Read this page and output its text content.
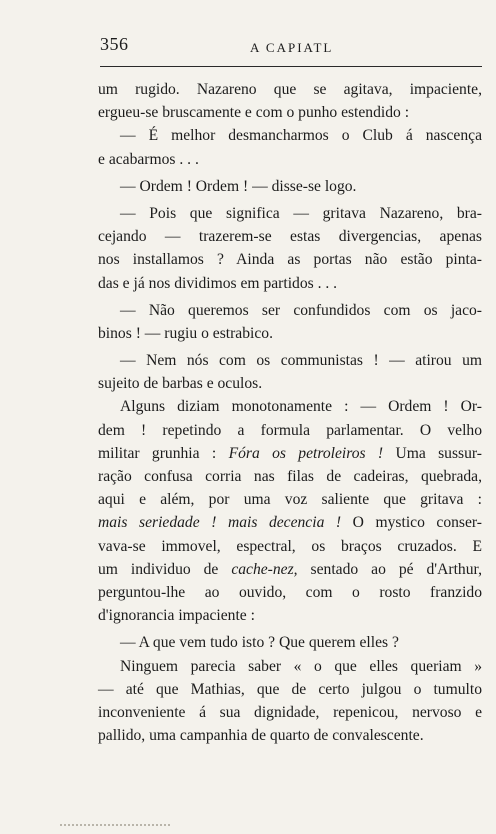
356	A CAPIATL
um rugido. Nazareno que se agitava, impaciente,
ergueu-se bruscamente e com o punho estendido :
— É melhor desmancharmos o Club á nascença
e acabarmos . . .
— Ordem ! Ordem ! — disse-se logo.
— Pois que significa — gritava Nazareno, bra-
cejando — trazerem-se estas divergencias, apenas
nos installamos ? Ainda as portas não estão pinta-
das e já nos dividimos em partidos . . .
— Não queremos ser confundidos com os jaco-
binos ! — rugiu o estrabico.
— Nem nós com os communistas ! — atirou um
sujeito de barbas e oculos.
Alguns diziam monotonamente : — Ordem ! Or-
dem ! repetindo a formula parlamentar. O velho
militar grunhia : Fóra os petroleiros ! Uma sussur-
ração confusa corria nas filas de cadeiras, quebrada,
aqui e além, por uma voz saliente que gritava :
mais seriedade ! mais decencia ! O mystico conser-
vava-se immovel, espectral, os braços cruzados. E
um individuo de cache-nez, sentado ao pé d'Arthur,
perguntou-lhe ao ouvido, com o rosto franzido
d'ignorancia impaciente :
— A que vem tudo isto ? Que querem elles ?
Ninguem parecia saber « o que elles queriam »
— até que Mathias, que de certo julgou o tumulto
inconveniente á sua dignidade, repenicou, nervoso e
pallido, uma campanhia de quarto de convalescente.
